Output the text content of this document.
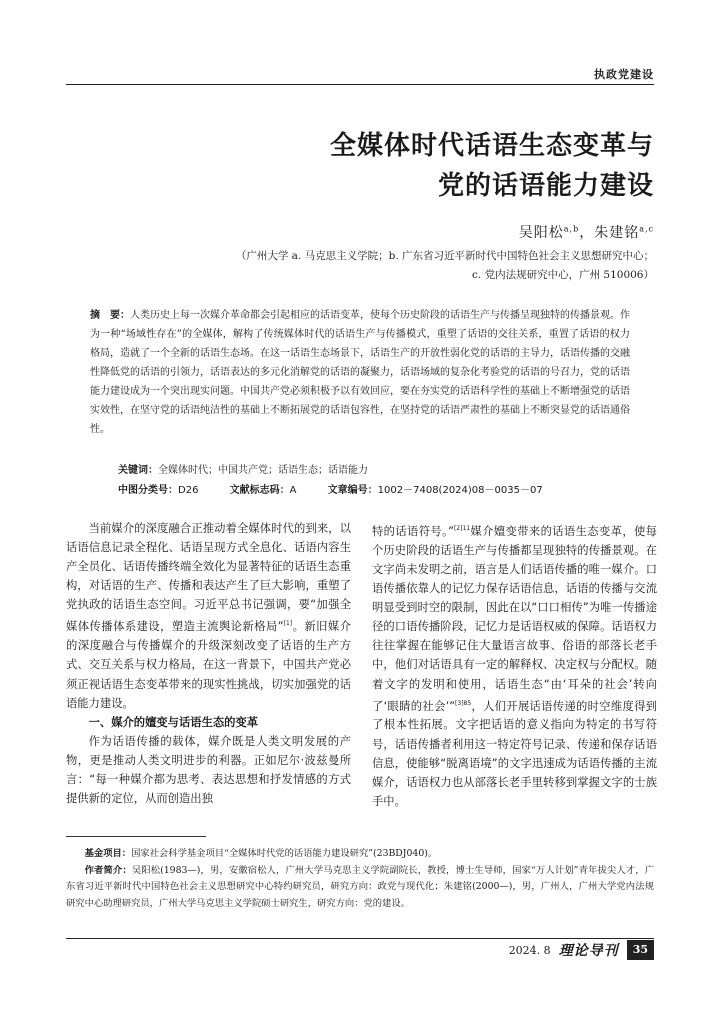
执政党建设
全媒体时代话语生态变革与
党的话语能力建设
吴阳松$^{a,b}$，朱建铭$^{a,c}$
（广州大学 a. 马克思主义学院；b. 广东省习近平新时代中国特色社会主义思想研究中心；
c. 党内法规研究中心，广州 510006）
摘　要：人类历史上每一次媒介革命都会引起相应的话语变革，使每个历史阶段的话语生产与传播呈现独特的传播景观。作为一种“场域性存在”的全媒体，解构了传统媒体时代的话语生产与传播模式，重塑了话语的交往关系，重置了话语的权力格局，造就了一个全新的话语生态场。在这一话语生态场景下，话语生产的开放性弱化党的话语的主导力，话语传播的交融性降低党的话语的引领力，话语表达的多元化消解党的话语的凝聚力，话语场域的复杂化考验党的话语的号召力，党的话语能力建设成为一个突出现实问题。中国共产党必须积极予以有效回应，要在夯实党的话语科学性的基础上不断增强党的话语实效性，在坚守党的话语纯洁性的基础上不断拓展党的话语包容性，在坚持党的话语严肃性的基础上不断突显党的话语通俗性。
关键词：全媒体时代；中国共产党；话语生态；话语能力
中图分类号：D26	文献标志码：A	文章编号：1002－7408(2024)08－0035－07

当前媒介的深度融合正推动着全媒体时代的到来，以话语信息记录全程化、话语呈现方式全息化、话语内容生产全员化、话语传播终端全效化为显著特征的话语生态重构，对话语的生产、传播和表达产生了巨大影响，重塑了党执政的话语生态空间。习近平总书记强调，要“加强全媒体传播体系建设，塑造主流舆论新格局”[1]。新旧媒介的深度融合与传播媒介的升级深刻改变了话语的生产方式、交互关系与权力格局，在这一背景下，中国共产党必须正视话语生态变革带来的现实性挑战，切实加强党的话语能力建设。

一、媒介的嬗变与话语生态的变革

作为话语传播的载体，媒介既是人类文明发展的产物，更是推动人类文明进步的利器。正如尼尔·波兹曼所言：“每一种媒介都为思考、表达思想和抒发情感的方式提供新的定位，从而创造出独

特的话语符号。”$^{[2]11}$媒介嬗变带来的话语生态变革，使每个历史阶段的话语生产与传播都呈现独特的传播景观。在文字尚未发明之前，语言是人们话语传播的唯一媒介。口语传播依靠人的记忆力保存话语信息，话语的传播与交流明显受到时空的限制，因此在以“口口相传”为唯一传播途径的口语传播阶段，记忆力是话语权威的保障。话语权力往往掌握在能够记住大量语言故事、俗语的部落长老手中，他们对话语具有一定的解释权、决定权与分配权。随着文字的发明和使用，话语生态“由‘耳朵的社会’转向了‘眼睛的社会’”$^{[3]85}$，人们开展话语传递的时空维度得到了根本性拓展。文字把话语的意义指向为特定的书写符号，话语传播者利用这一特定符号记录、传递和保存话语信息，使能够“脱离语境”的文字迅速成为话语传播的主流媒介，话语权力也从部落长老手里转移到掌握文字的士族手中。

基金项目：国家社会科学基金项目“全媒体时代党的话语能力建设研究”(23BDJ040)。

作者简介：吴阳松(1983—)，男，安徽宿松人，广州大学马克思主义学院副院长，教授，博士生导师，国家“万人计划”青年拔尖人才，广东省习近平新时代中国特色社会主义思想研究中心特约研究员，研究方向：政党与现代化；朱建铭(2000—)，男，广州人，广州大学党内法规研究中心助理研究员，广州大学马克思主义学院硕士研究生，研究方向：党的建设。

2024. 8 理论导刊	35
